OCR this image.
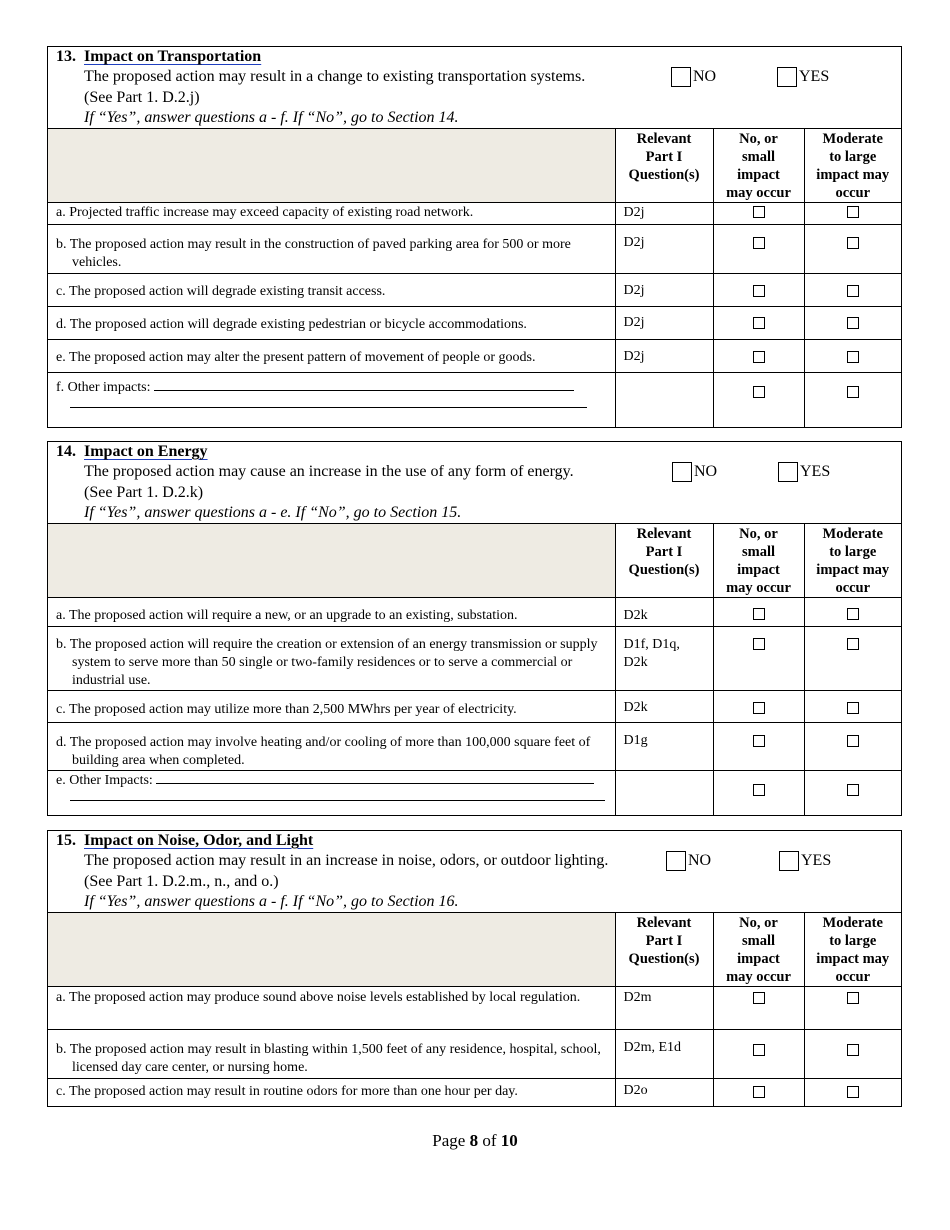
13. Impact on Transportation
The proposed action may result in a change to existing transportation systems.
(See Part 1. D.2.j)
If “Yes”, answer questions a - f. If “No”, go to Section 14.
NO	YES
	Relevant
Part I
Question(s)	No, or
small
impact
may occur	Moderate
to large
impact may
occur
a. Projected traffic increase may exceed capacity of existing road network.	D2j		

b. The proposed action may result in the construction of paved parking area for 500 or more vehicles.	D2j		
c. The proposed action will degrade existing transit access.	D2j		
d. The proposed action will degrade existing pedestrian or bicycle accommodations.	D2j		
e. The proposed action may alter the present pattern of movement of people or goods.	D2j		
f. Other impacts:

14. Impact on Energy
The proposed action may cause an increase in the use of any form of energy.
(See Part 1. D.2.k)
If “Yes”, answer questions a - e. If “No”, go to Section 15.
NO	YES
	Relevant
Part I
Question(s)	No, or
small
impact
may occur	Moderate
to large
impact may
occur
a. The proposed action will require a new, or an upgrade to an existing, substation.	D2k		

b. The proposed action will require the creation or extension of an energy transmission or supply system to serve more than 50 single or two-family residences or to serve a commercial or industrial use.	D1f, D1q, D2k		
c. The proposed action may utilize more than 2,500 MWhrs per year of electricity.	D2k		

d. The proposed action may involve heating and/or cooling of more than 100,000 square feet of building area when completed.	D1g		
e. Other Impacts:

15. Impact on Noise, Odor, and Light
The proposed action may result in an increase in noise, odors, or outdoor lighting.
(See Part 1. D.2.m., n., and o.)
If “Yes”, answer questions a - f. If “No”, go to Section 16.
NO	YES
	Relevant
Part I
Question(s)	No, or
small
impact
may occur	Moderate
to large
impact may
occur

a. The proposed action may produce sound above noise levels established by local regulation.	D2m		

b. The proposed action may result in blasting within 1,500 feet of any residence, hospital, school, licensed day care center, or nursing home.	D2m, E1d		
c. The proposed action may result in routine odors for more than one hour per day.	D2o		
Page 8 of 10
